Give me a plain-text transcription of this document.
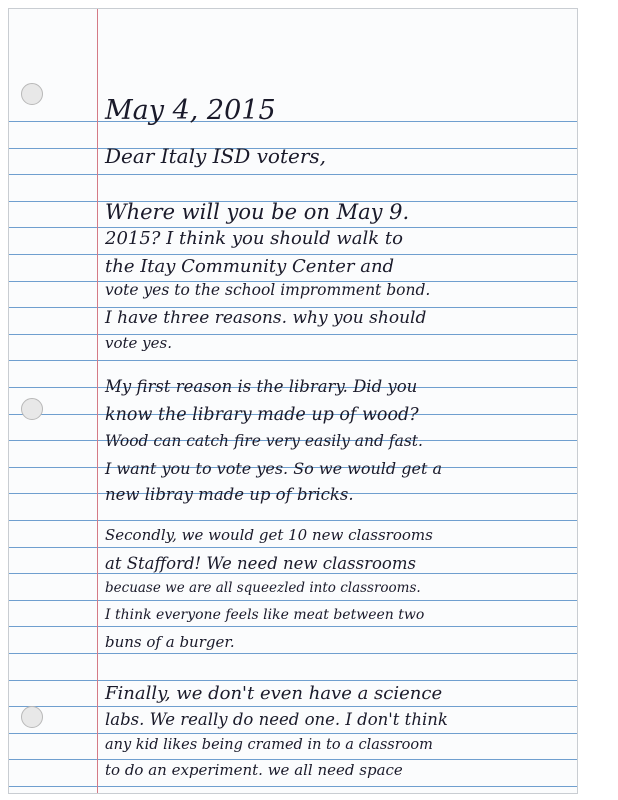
May 4, 2015
Dear Italy ISD voters,
Where will you be on May 9.
2015? I think you should walk to
the Itay Community Center and
vote yes to the school impromment bond.
I have three reasons. why you should
vote yes.
My first reason is the library. Did you
know the library made up of wood?
Wood can catch fire very easily and fast.
I want you to vote yes. So we would get a
new libray made up of bricks.
Secondly, we would get 10 new classrooms
at Stafford! We need new classrooms
becuase we are all squeezled into classrooms.
I think everyone feels like meat between two
buns of a burger.
Finally, we don't even have a science
labs. We really do need one. I don't think
any kid likes being cramed in to a classroom
to do an experiment. we all need space
